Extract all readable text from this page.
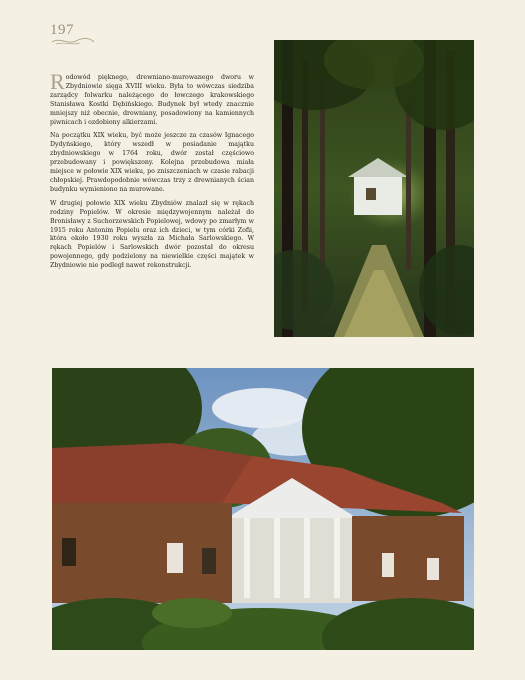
197

Rodowód pięknego, drewniano-murowanego dworu w Zbydniowie sięga XVIII wieku. Była to wówczas siedziba zarządcy folwarku należącego do łowczego krakowskiego Stanisława Kostki Dębińskiego. Budynek był wtedy znacznie mniejszy niż obecnie, drewniany, posadowiony na kamiennych piwnicach i ozdobiony alkierzami.

Na początku XIX wieku, być może jeszcze za czasów Ignacego Dydyńskiego, który wszedł w posiadanie majątku zbydniowskiego w 1764 roku, dwór został częściowo przebudowany i powiększony. Kolejna przebudowa miała miejsce w połowie XIX wieku, po zniszczeniach w czasie rabacji chłopskiej. Prawdopodobnie wówczas trzy z drewnianych ścian budynku wymieniono na murowane.

W drugiej połowie XIX wieku Zbydniów znalazł się w rękach rodziny Popielów. W okresie międzywojennym należał do Bronisławy z Suchorzewskich Popielowej, wdowy po zmarłym w 1915 roku Antonim Popielu oraz ich dzieci, w tym córki Zofii, która około 1930 roku wyszła za Michała Sarlowskiego. W rękach Popielów i Sarlowskich dwór pozostał do okresu powojennego, gdy podzielony na niewielkie części majątek w Zbydniowie nie podległ nawet rekonstrukcji.
